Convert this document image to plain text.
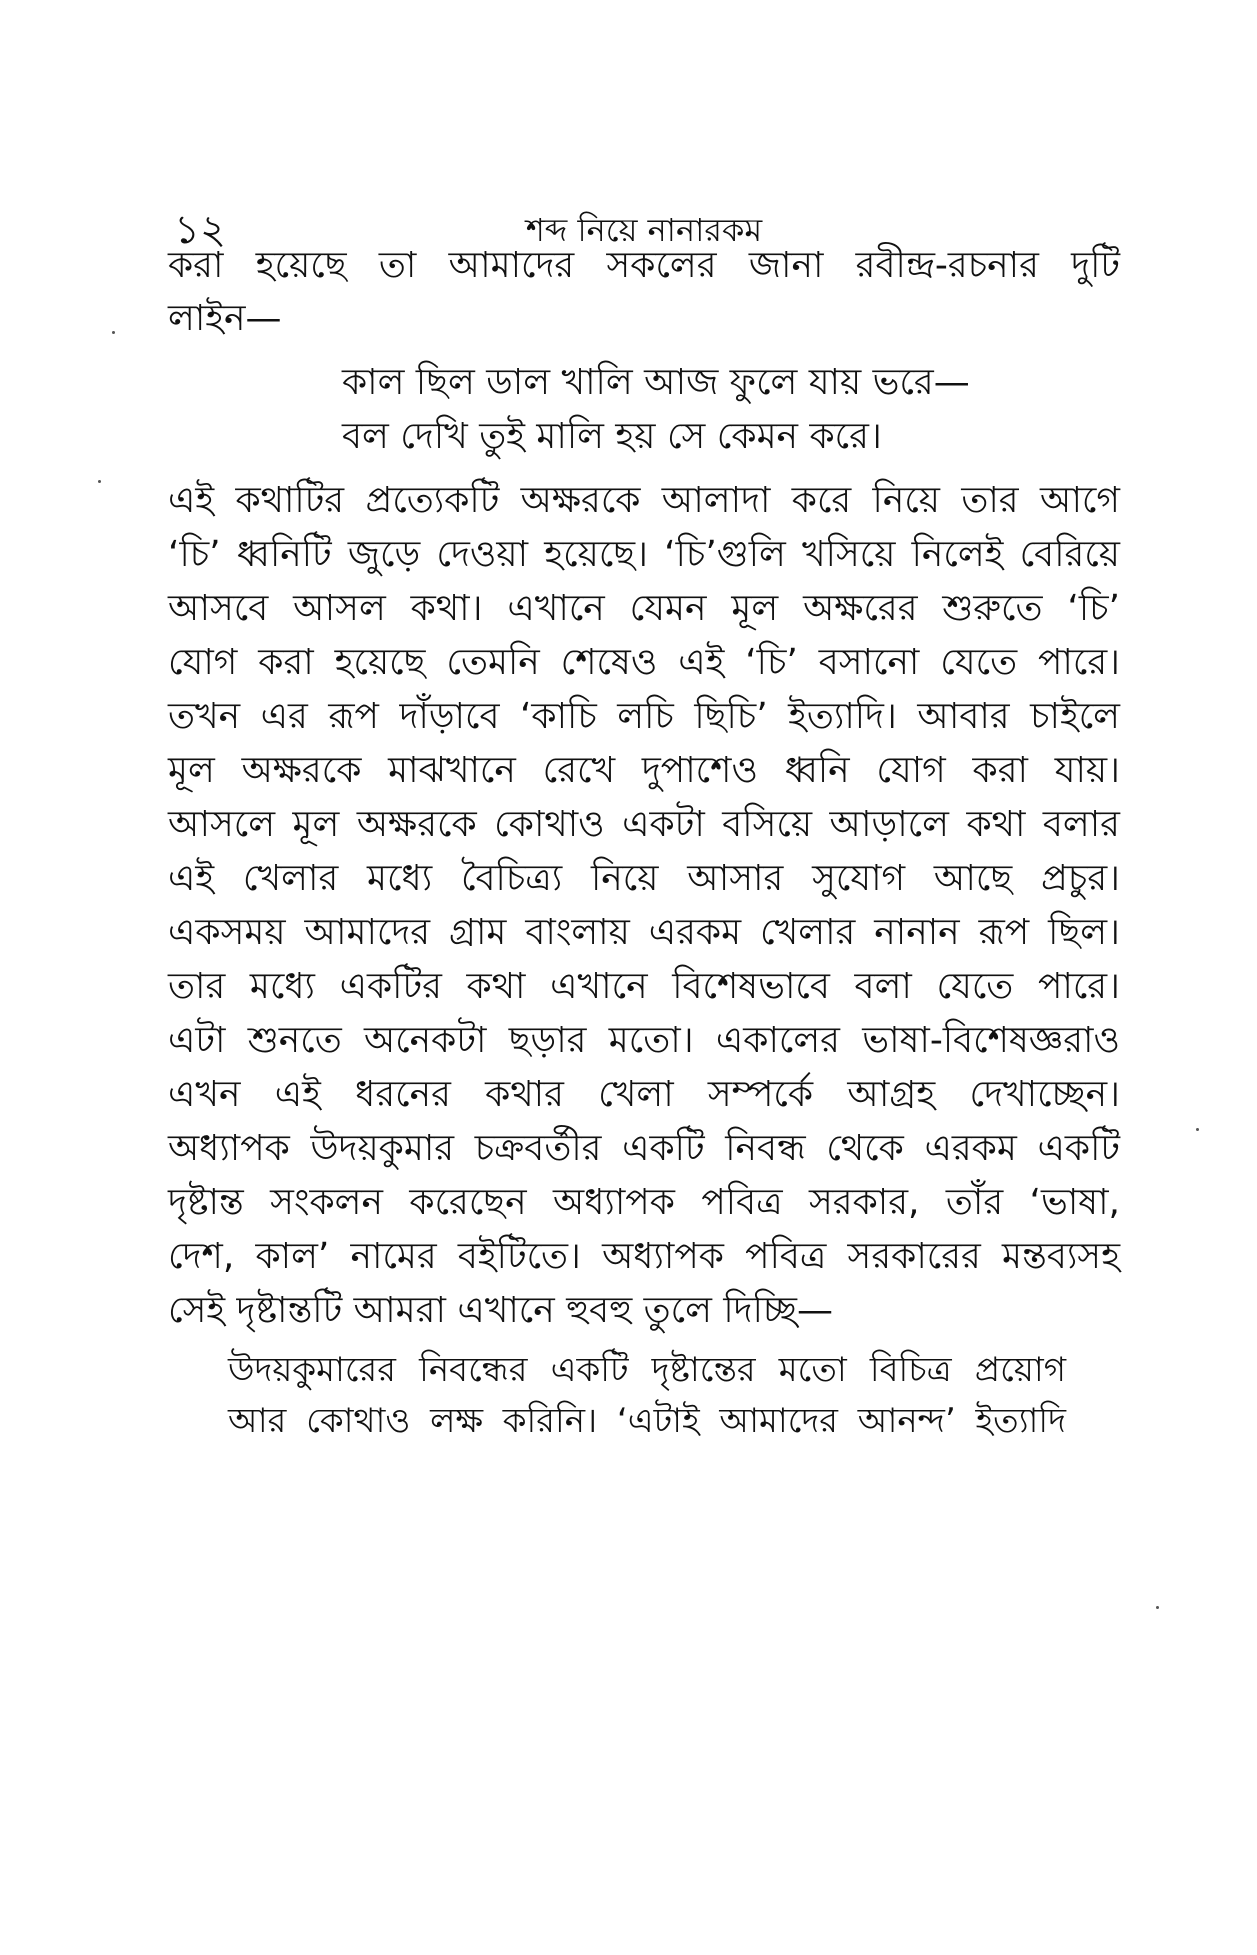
১২	শব্দ নিয়ে নানারকম
করা হয়েছে তা আমাদের সকলের জানা রবীন্দ্র-রচনার দুটি
লাইন—
কাল ছিল ডাল খালি আজ ফুলে যায় ভরে—
বল দেখি তুই মালি হয় সে কেমন করে।
এই কথাটির প্রত্যেকটি অক্ষরকে আলাদা করে নিয়ে তার আগে
‘চি’ ধ্বনিটি জুড়ে দেওয়া হয়েছে। ‘চি’গুলি খসিয়ে নিলেই বেরিয়ে
আসবে আসল কথা। এখানে যেমন মূল অক্ষরের শুরুতে ‘চি’
যোগ করা হয়েছে তেমনি শেষেও এই ‘চি’ বসানো যেতে পারে।
তখন এর রূপ দাঁড়াবে ‘কাচি লচি ছিচি’ ইত্যাদি। আবার চাইলে
মূল অক্ষরকে মাঝখানে রেখে দুপাশেও ধ্বনি যোগ করা যায়।
আসলে মূল অক্ষরকে কোথাও একটা বসিয়ে আড়ালে কথা বলার
এই খেলার মধ্যে বৈচিত্র্য নিয়ে আসার সুযোগ আছে প্রচুর।
একসময় আমাদের গ্রাম বাংলায় এরকম খেলার নানান রূপ ছিল।
তার মধ্যে একটির কথা এখানে বিশেষভাবে বলা যেতে পারে।
এটা শুনতে অনেকটা ছড়ার মতো। একালের ভাষা-বিশেষজ্ঞরাও
এখন এই ধরনের কথার খেলা সম্পর্কে আগ্রহ দেখাচ্ছেন।
অধ্যাপক উদয়কুমার চক্রবর্তীর একটি নিবন্ধ থেকে এরকম একটি
দৃষ্টান্ত সংকলন করেছেন অধ্যাপক পবিত্র সরকার, তাঁর ‘ভাষা,
দেশ, কাল’ নামের বইটিতে। অধ্যাপক পবিত্র সরকারের মন্তব্যসহ
সেই দৃষ্টান্তটি আমরা এখানে হুবহু তুলে দিচ্ছি—
উদয়কুমারের নিবন্ধের একটি দৃষ্টান্তের মতো বিচিত্র প্রয়োগ
আর কোথাও লক্ষ করিনি। ‘এটাই আমাদের আনন্দ’ ইত্যাদি
